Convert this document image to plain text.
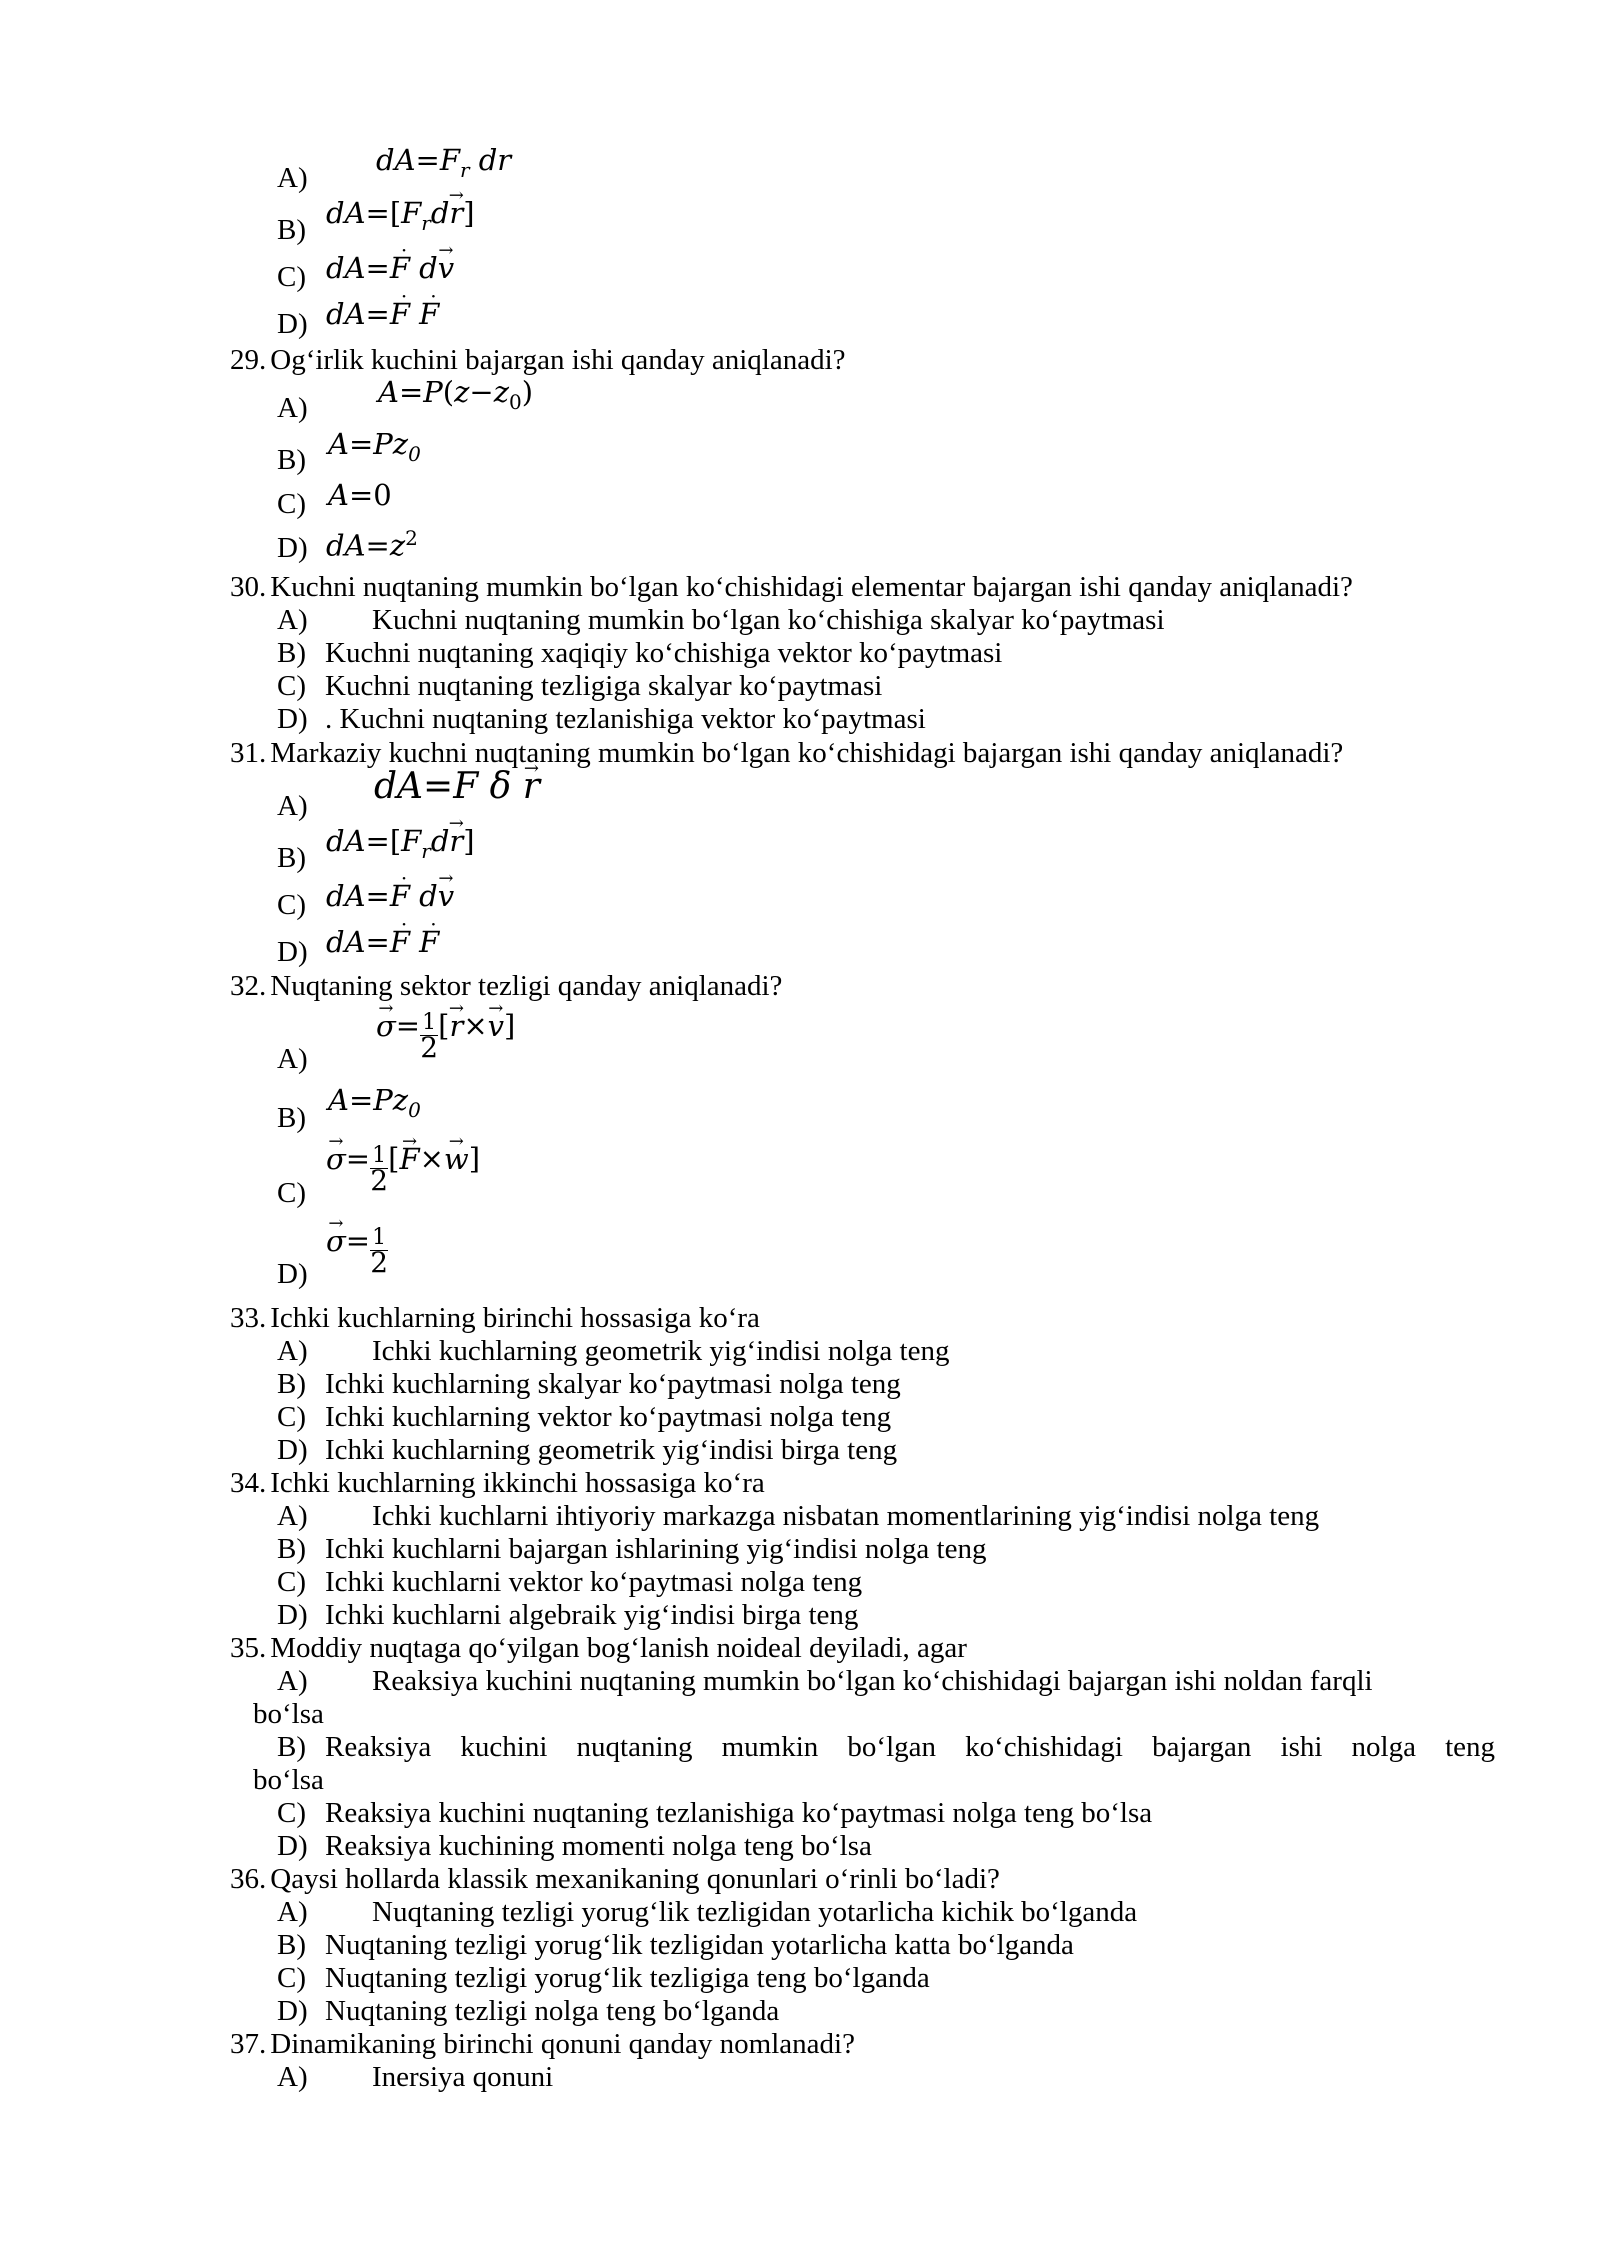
A)
$dA=F_r$ dr
B) $dA=[F_rd\to r]$
C) dA=· F d→ v
D) dA=· F · F
29. Og‘irlik kuchini bajargan ishi qanday aniqlanadi?
A)	$A=P(z-z_0)$
B) $A=Pz_0$
C) A=0
D) $dA=z^2$
30. Kuchni nuqtaning mumkin bo‘lgan ko‘chishidagi elementar bajargan ishi qanday aniqlanadi?
A) Kuchni nuqtaning mumkin bo‘lgan ko‘chishiga skalyar ko‘paytmasi
B) Kuchni nuqtaning xaqiqiy ko‘chishiga vektor ko‘paytmasi
C) Kuchni nuqtaning tezligiga skalyar ko‘paytmasi
D) . Kuchni nuqtaning tezlanishiga vektor ko‘paytmasi
31. Markaziy kuchni nuqtaning mumkin bo‘lgan ko‘chishidagi bajargan ishi qanday aniqlanadi?
A)	dA=F δ → r
B) $dA=[F_rd\to r]$
C) dA=· F d→ v
D) dA=· F · F
32. Nuqtaning sektor tezligi qanday aniqlanadi?
A)
→ $\sigma= \frac{1}{2}$ [→ r×→ v]
B)
$A=Pz_0$
C)
→ $\sigma= \frac{1}{2}$ [→ F×→ w]
D)
→ $\sigma= \frac{1}{2}$
33. Ichki kuchlarning birinchi hossasiga ko‘ra
A) Ichki kuchlarning geometrik yig‘indisi nolga teng
B) Ichki kuchlarning skalyar ko‘paytmasi nolga teng
C) Ichki kuchlarning vektor ko‘paytmasi nolga teng
D) Ichki kuchlarning geometrik yig‘indisi birga teng
34. Ichki kuchlarning ikkinchi hossasiga ko‘ra
A) Ichki kuchlarni ihtiyoriy markazga nisbatan momentlarining yig‘indisi nolga teng
B) Ichki kuchlarni bajargan ishlarining yig‘indisi nolga teng
C) Ichki kuchlarni vektor ko‘paytmasi nolga teng
D) Ichki kuchlarni algebraik yig‘indisi birga teng
35. Moddiy nuqtaga qo‘yilgan bog‘lanish noideal deyiladi, agar
A) Reaksiya kuchini nuqtaning mumkin bo‘lgan ko‘chishidagi bajargan ishi noldan farqli
bo‘lsa
B) Reaksiya kuchini nuqtaning mumkin bo‘lgan ko‘chishidagi bajargan ishi nolga teng
bo‘lsa
C) Reaksiya kuchini nuqtaning tezlanishiga ko‘paytmasi nolga teng bo‘lsa
D) Reaksiya kuchining momenti nolga teng bo‘lsa
36. Qaysi hollarda klassik mexanikaning qonunlari o‘rinli bo‘ladi?
A) Nuqtaning tezligi yorug‘lik tezligidan yotarlicha kichik bo‘lganda
B) Nuqtaning tezligi yorug‘lik tezligidan yotarlicha katta bo‘lganda
C) Nuqtaning tezligi yorug‘lik tezligiga teng bo‘lganda
D) Nuqtaning tezligi nolga teng bo‘lganda
37. Dinamikaning birinchi qonuni qanday nomlanadi?
A) Inersiya qonuni
